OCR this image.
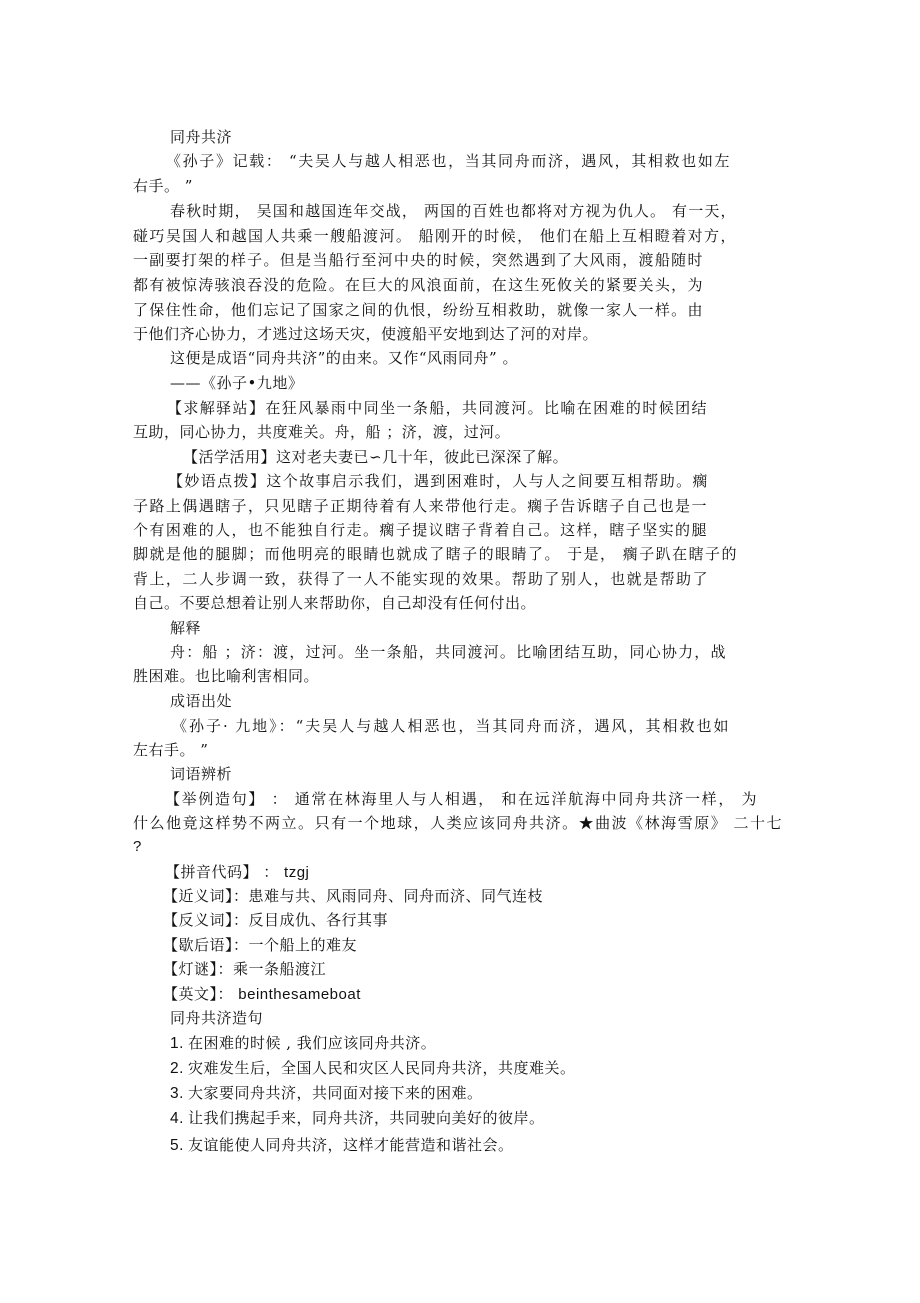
同舟共济
《孙子》记载： “夫吴人与越人相恶也，当其同舟而济，遇风，其相救也如左
右手。 ”
春秋时期， 吴国和越国连年交战， 两国的百姓也都将对方视为仇人。 有一天，
碰巧吴国人和越国人共乘一艘船渡河。 船刚开的时候， 他们在船上互相瞪着对方，
一副要打架的样子。但是当船行至河中央的时候，突然遇到了大风雨，渡船随时
都有被惊涛骇浪吞没的危险。在巨大的风浪面前，在这生死攸关的紧要关头，为
了保住性命，他们忘记了国家之间的仇恨，纷纷互相救助，就像一家人一样。由
于他们齐心协力，才逃过这场天灾，使渡船平安地到达了河的对岸。
这便是成语“同舟共济”的由来。又作“风雨同舟” 。
——《孙子•九地》
【求解驿站】在狂风暴雨中同坐一条船，共同渡河。比喻在困难的时候团结
互助，同心协力，共度难关。舟，船 ；济，渡，过河。
【活学活用】这对老夫妻已∽几十年，彼此已深深了解。
【妙语点拨】这个故事启示我们，遇到困难时，人与人之间要互相帮助。瘸
子路上偶遇瞎子，只见瞎子正期待着有人来带他行走。瘸子告诉瞎子自己也是一
个有困难的人，也不能独自行走。瘸子提议瞎子背着自己。这样，瞎子坚实的腿
脚就是他的腿脚；而他明亮的眼睛也就成了瞎子的眼睛了。 于是， 瘸子趴在瞎子的
背上，二人步调一致，获得了一人不能实现的效果。帮助了别人，也就是帮助了
自己。不要总想着让别人来帮助你，自己却没有任何付出。
解释
舟：船 ；济：渡，过河。坐一条船，共同渡河。比喻团结互助，同心协力，战
胜困难。也比喻利害相同。
成语出处
《孙子· 九地》：“夫吴人与越人相恶也，当其同舟而济，遇风，其相救也如
左右手。 ”
词语辨析
【举例造句】 ： 通常在林海里人与人相遇， 和在远洋航海中同舟共济一样， 为
什么他竟这样势不两立。只有一个地球，人类应该同舟共济。★曲波《林海雪原》 二十七
?
【拼音代码】 ： tzgj
【近义词】：患难与共、风雨同舟、同舟而济、同气连枝
【反义词】：反目成仇、各行其事
【歇后语】：一个船上的难友
【灯谜】：乘一条船渡江
【英文】： beinthesameboat
同舟共济造句
1. 在困难的时候 , 我们应该同舟共济。
2. 灾难发生后，全国人民和灾区人民同舟共济，共度难关。
3. 大家要同舟共济，共同面对接下来的困难。
4. 让我们携起手来，同舟共济，共同驶向美好的彼岸。
5. 友谊能使人同舟共济，这样才能营造和谐社会。
